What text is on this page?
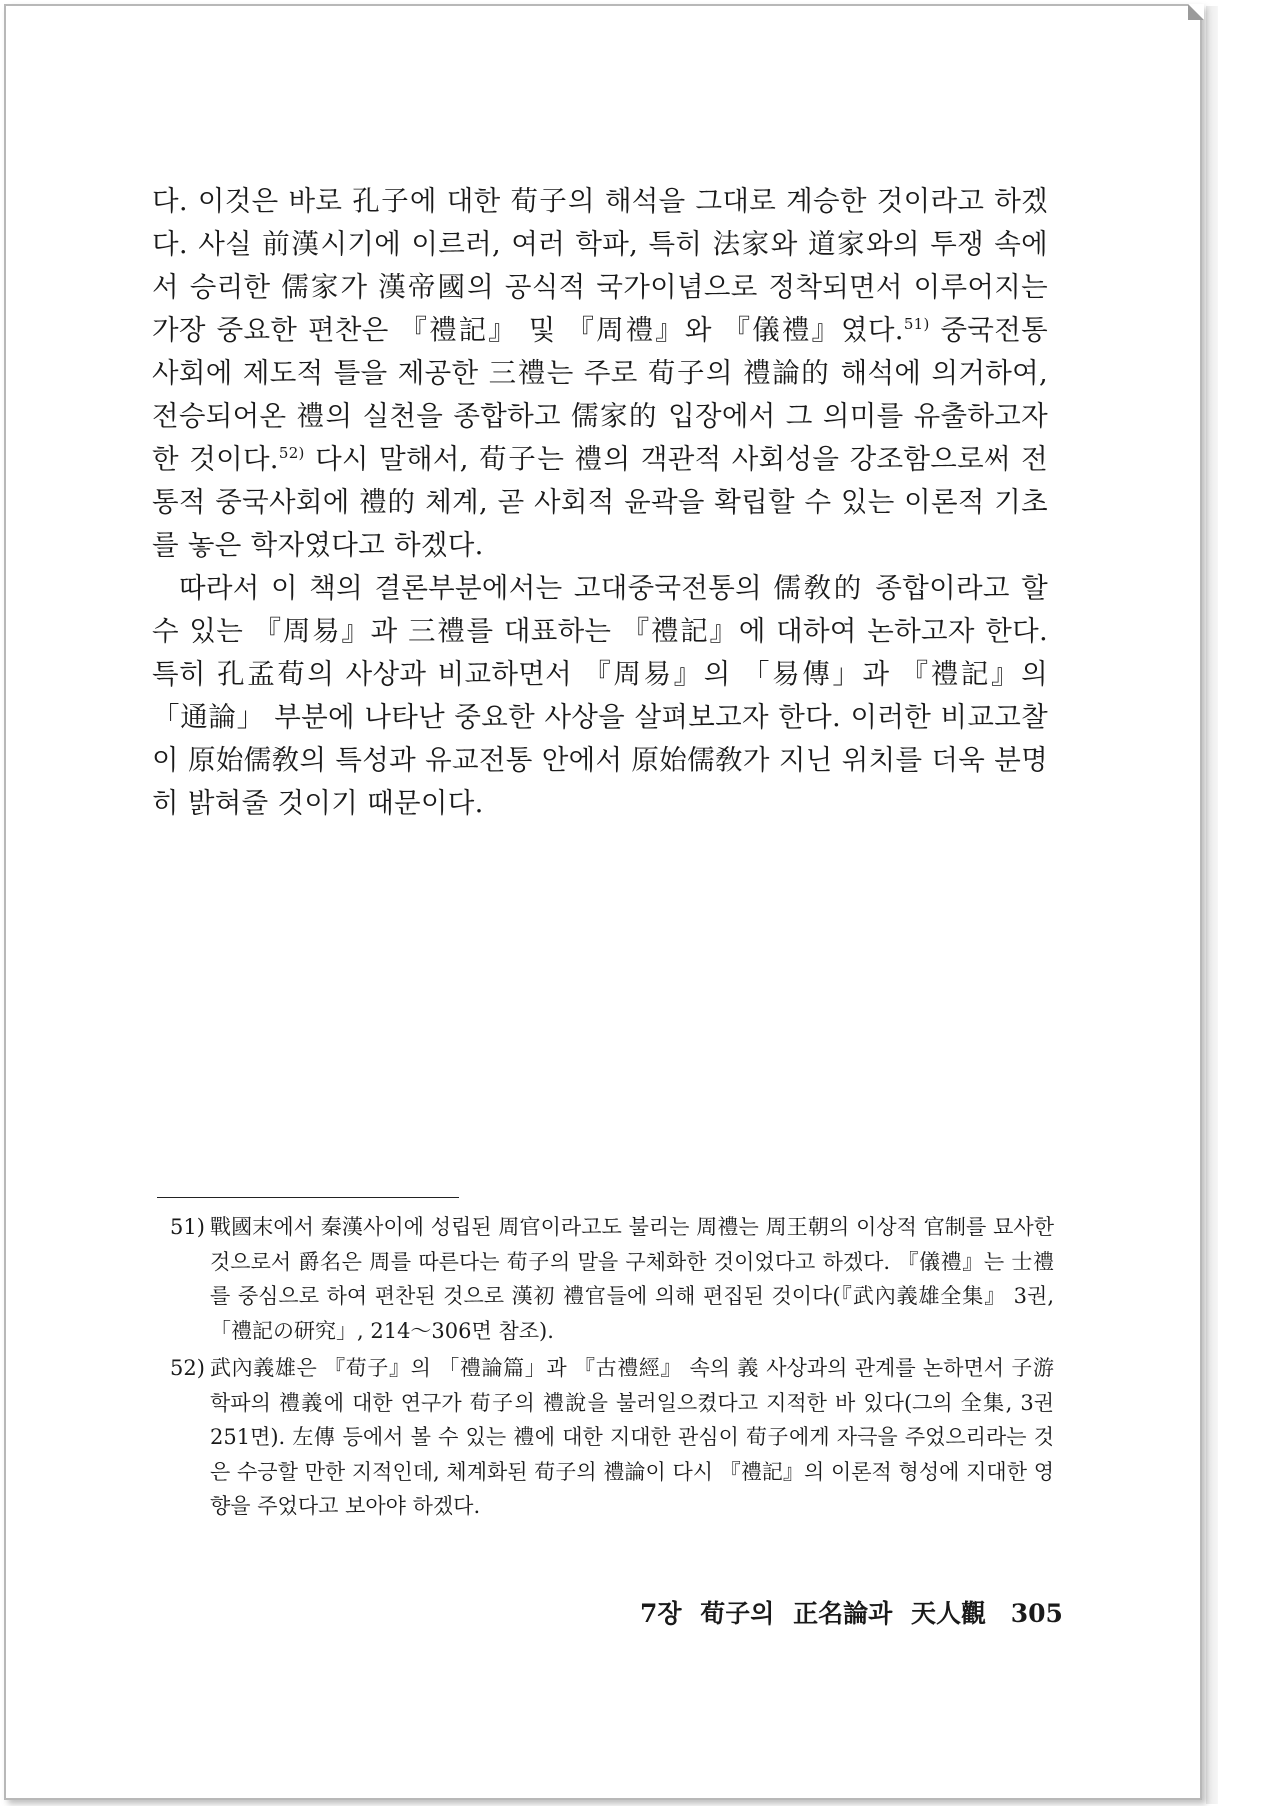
다. 이것은 바로 孔子에 대한 荀子의 해석을 그대로 계승한 것이라고 하겠다. 사실 前漢시기에 이르러, 여러 학파, 특히 法家와 道家와의 투쟁 속에서 승리한 儒家가 漢帝國의 공식적 국가이념으로 정착되면서 이루어지는 가장 중요한 편찬은 『禮記』 및 『周禮』와 『儀禮』였다.$^{51)}$ 중국전통 사회에 제도적 틀을 제공한 三禮는 주로 荀子의 禮論的 해석에 의거하여, 전승되어온 禮의 실천을 종합하고 儒家的 입장에서 그 의미를 유출하고자 한 것이다.$^{52)}$ 다시 말해서, 荀子는 禮의 객관적 사회성을 강조함으로써 전통적 중국사회에 禮的 체계, 곧 사회적 윤곽을 확립할 수 있는 이론적 기초를 놓은 학자였다고 하겠다.

따라서 이 책의 결론부분에서는 고대중국전통의 儒敎的 종합이라고 할 수 있는 『周易』과 三禮를 대표하는 『禮記』에 대하여 논하고자 한다. 특히 孔孟荀의 사상과 비교하면서 『周易』의 「易傳」과 『禮記』의 「通論」 부분에 나타난 중요한 사상을 살펴보고자 한다. 이러한 비교고찰이 原始儒敎의 특성과 유교전통 안에서 原始儒敎가 지닌 위치를 더욱 분명히 밝혀줄 것이기 때문이다.

51) 戰國末에서 秦漢사이에 성립된 周官이라고도 불리는 周禮는 周王朝의 이상적 官制를 묘사한 것으로서 爵名은 周를 따른다는 荀子의 말을 구체화한 것이었다고 하겠다. 『儀禮』는 士禮를 중심으로 하여 편찬된 것으로 漢初 禮官들에 의해 편집된 것이다(『武內義雄全集』 3권, 「禮記の研究」, 214～306면 참조).
52) 武內義雄은 『荀子』의 「禮論篇」과 『古禮經』 속의 義 사상과의 관계를 논하면서 子游학파의 禮義에 대한 연구가 荀子의 禮說을 불러일으켰다고 지적한 바 있다(그의 全集, 3권 251면). 左傳 등에서 볼 수 있는 禮에 대한 지대한 관심이 荀子에게 자극을 주었으리라는 것은 수긍할 만한 지적인데, 체계화된 荀子의 禮論이 다시 『禮記』의 이론적 형성에 지대한 영향을 주었다고 보아야 하겠다.
7장 荀子의 正名論과 天人觀 305
